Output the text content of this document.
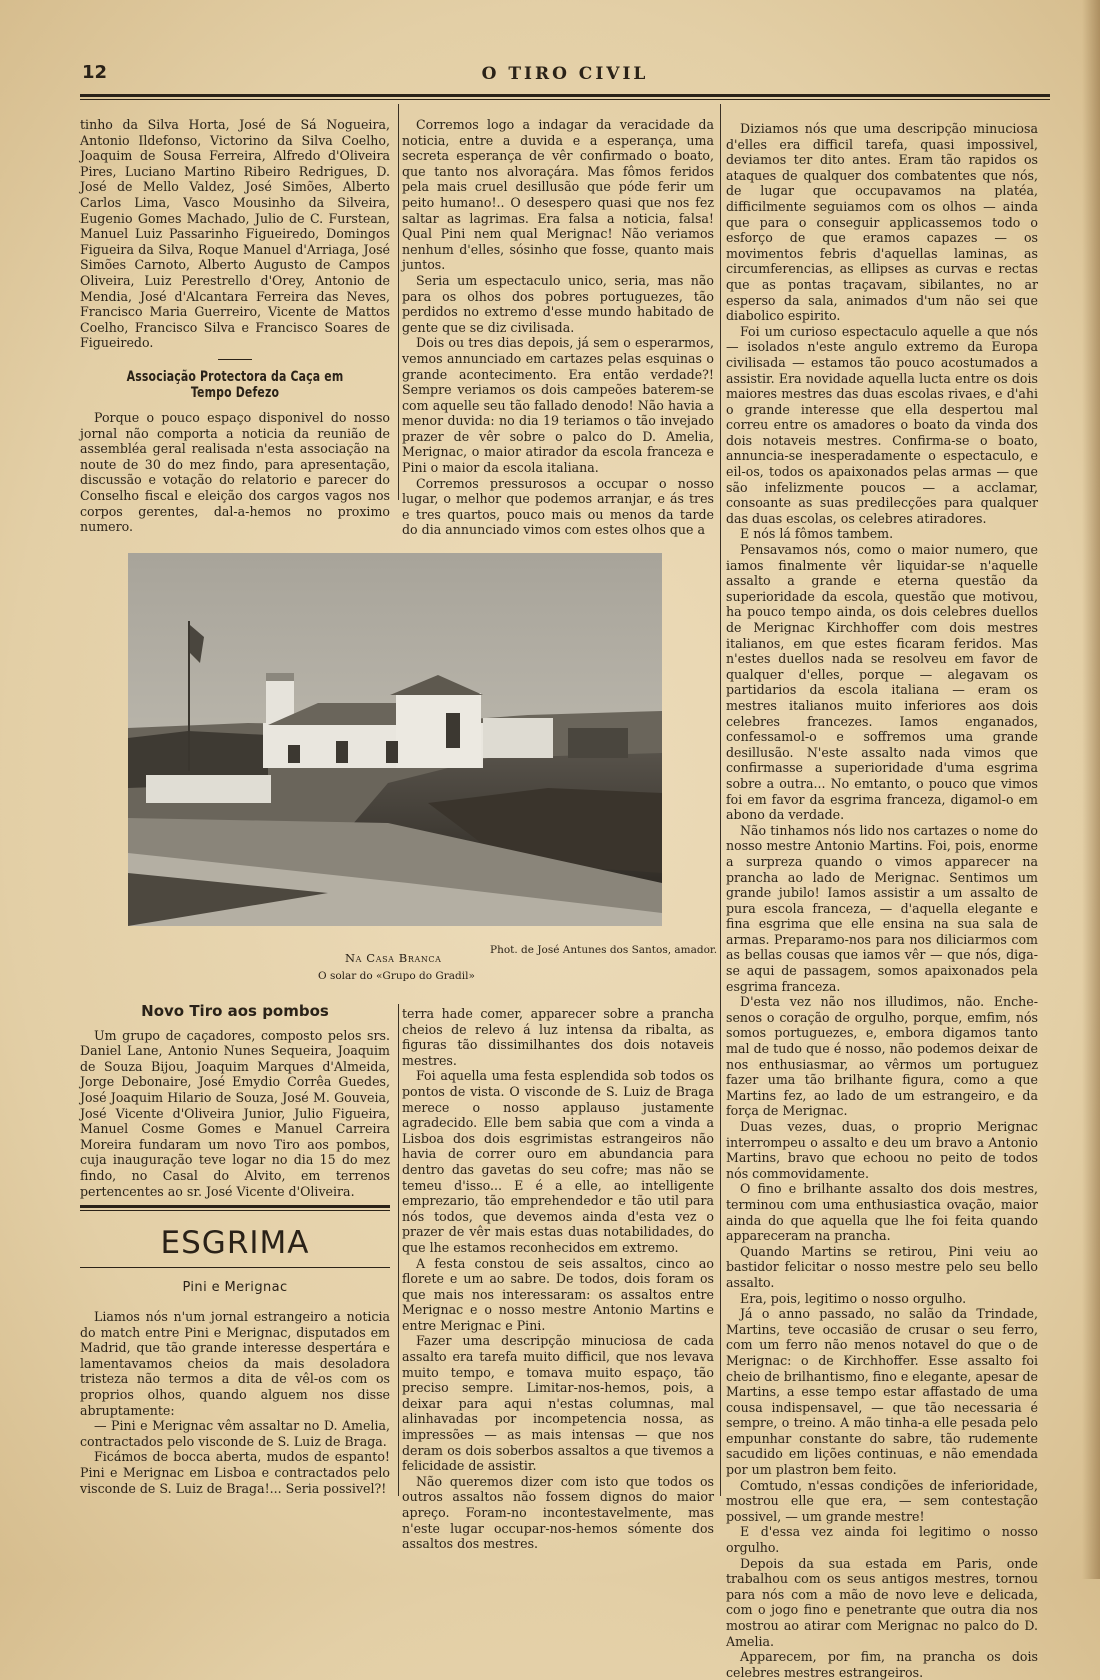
12	O TIRO CIVIL

tinho da Silva Horta, José de Sá Nogueira, Antonio Ildefonso, Victorino da Silva Coelho, Joaquim de Sousa Ferreira, Alfredo d'Oliveira Pires, Luciano Martino Ribeiro Redrigues, D. José de Mello Valdez, José Simões, Alberto Carlos Lima, Vasco Mousinho da Silveira, Eugenio Gomes Machado, Julio de C. Furstean, Manuel Luiz Passarinho Figueiredo, Domingos Figueira da Silva, Roque Manuel d'Arriaga, José Simões Carnoto, Alberto Augusto de Campos Oliveira, Luiz Perestrello d'Orey, Antonio de Mendia, José d'Alcantara Ferreira das Neves, Francisco Maria Guerreiro, Vicente de Mattos Coelho, Francisco Silva e Francisco Soares de Figueiredo.

Associação Protectora da Caça em Tempo Defezo

Porque o pouco espaço disponivel do nosso jornal não comporta a noticia da reunião de assembléa geral realisada n'esta associação na noute de 30 do mez findo, para apresentação, discussão e votação do relatorio e parecer do Conselho fiscal e eleição dos cargos vagos nos corpos gerentes, dal-a-hemos no proximo numero.

Corremos logo a indagar da veracidade da noticia, entre a duvida e a esperança, uma secreta esperança de vêr confirmado o boato, que tanto nos alvoraçára. Mas fômos feridos pela mais cruel desillusão que póde ferir um peito humano!.. O desespero quasi que nos fez saltar as lagrimas. Era falsa a noticia, falsa! Qual Pini nem qual Merignac! Não veriamos nenhum d'elles, sósinho que fosse, quanto mais juntos.

Seria um espectaculo unico, seria, mas não para os olhos dos pobres portuguezes, tão perdidos no extremo d'esse mundo habitado de gente que se diz civilisada.

Dois ou tres dias depois, já sem o esperarmos, vemos annunciado em cartazes pelas esquinas o grande acontecimento. Era então verdade?! Sempre veriamos os dois campeões baterem-se com aquelle seu tão fallado denodo! Não havia a menor duvida: no dia 19 teriamos o tão invejado prazer de vêr sobre o palco do D. Amelia, Merignac, o maior atirador da escola franceza e Pini o maior da escola italiana.

Corremos pressurosos a occupar o nosso lugar, o melhor que podemos arranjar, e ás tres e tres quartos, pouco mais ou menos da tarde do dia annunciado vimos com estes olhos que a

Phot. de José Antunes dos Santos, amador.
Na Casa Branca
O solar do «Grupo do Gradil»
Novo Tiro aos pombos

Um grupo de caçadores, composto pelos srs. Daniel Lane, Antonio Nunes Sequeira, Joaquim de Souza Bijou, Joaquim Marques d'Almeida, Jorge Debonaire, José Emydio Corrêa Guedes, José Joaquim Hilario de Souza, José M. Gouveia, José Vicente d'Oliveira Junior, Julio Figueira, Manuel Cosme Gomes e Manuel Carreira Moreira fundaram um novo Tiro aos pombos, cuja inauguração teve logar no dia 15 do mez findo, no Casal do Alvito, em terrenos pertencentes ao sr. José Vicente d'Oliveira.

ESGRIMA
Pini e Merignac

Liamos nós n'um jornal estrangeiro a noticia do match entre Pini e Merignac, disputados em Madrid, que tão grande interesse despertára e lamentavamos cheios da mais desoladora tristeza não termos a dita de vêl-os com os proprios olhos, quando alguem nos disse abruptamente:

— Pini e Merignac vêm assaltar no D. Amelia, contractados pelo visconde de S. Luiz de Braga.

Ficámos de bocca aberta, mudos de espanto! Pini e Merignac em Lisboa e contractados pelo visconde de S. Luiz de Braga!... Seria possivel?!

terra hade comer, apparecer sobre a prancha cheios de relevo á luz intensa da ribalta, as figuras tão dissimilhantes dos dois notaveis mestres.

Foi aquella uma festa esplendida sob todos os pontos de vista. O visconde de S. Luiz de Braga merece o nosso applauso justamente agradecido. Elle bem sabia que com a vinda a Lisboa dos dois esgrimistas estrangeiros não havia de correr ouro em abundancia para dentro das gavetas do seu cofre; mas não se temeu d'isso... E é a elle, ao intelligente emprezario, tão emprehendedor e tão util para nós todos, que devemos ainda d'esta vez o prazer de vêr mais estas duas notabilidades, do que lhe estamos reconhecidos em extremo.

A festa constou de seis assaltos, cinco ao florete e um ao sabre. De todos, dois foram os que mais nos interessaram: os assaltos entre Merignac e o nosso mestre Antonio Martins e entre Merignac e Pini.

Fazer uma descripção minuciosa de cada assalto era tarefa muito difficil, que nos levava muito tempo, e tomava muito espaço, tão preciso sempre. Limitar-nos-hemos, pois, a deixar para aqui n'estas columnas, mal alinhavadas por incompetencia nossa, as impressões — as mais intensas — que nos deram os dois soberbos assaltos a que tivemos a felicidade de assistir.

Não queremos dizer com isto que todos os outros assaltos não fossem dignos do maior apreço. Foram-no incontestavelmente, mas n'este lugar occupar-nos-hemos sómente dos assaltos dos mestres.

Diziamos nós que uma descripção minuciosa d'elles era difficil tarefa, quasi impossivel, deviamos ter dito antes. Eram tão rapidos os ataques de qualquer dos combatentes que nós, de lugar que occupavamos na platéa, difficilmente seguiamos com os olhos — ainda que para o conseguir applicassemos todo o esforço de que eramos capazes — os movimentos febris d'aquellas laminas, as circumferencias, as ellipses as curvas e rectas que as pontas traçavam, sibilantes, no ar esperso da sala, animados d'um não sei que diabolico espirito.

Foi um curioso espectaculo aquelle a que nós — isolados n'este angulo extremo da Europa civilisada — estamos tão pouco acostumados a assistir. Era novidade aquella lucta entre os dois maiores mestres das duas escolas rivaes, e d'ahi o grande interesse que ella despertou mal correu entre os amadores o boato da vinda dos dois notaveis mestres. Confirma-se o boato, annuncia-se inesperadamente o espectaculo, e eil-os, todos os apaixonados pelas armas — que são infelizmente poucos — a acclamar, consoante as suas predilecções para qualquer das duas escolas, os celebres atiradores.

E nós lá fômos tambem.

Pensavamos nós, como o maior numero, que iamos finalmente vêr liquidar-se n'aquelle assalto a grande e eterna questão da superioridade da escola, questão que motivou, ha pouco tempo ainda, os dois celebres duellos de Merignac Kirchhoffer com dois mestres italianos, em que estes ficaram feridos. Mas n'estes duellos nada se resolveu em favor de qualquer d'elles, porque — alegavam os partidarios da escola italiana — eram os mestres italianos muito inferiores aos dois celebres francezes. Iamos enganados, confessamol-o e soffremos uma grande desillusão. N'este assalto nada vimos que confirmasse a superioridade d'uma esgrima sobre a outra... No emtanto, o pouco que vimos foi em favor da esgrima franceza, digamol-o em abono da verdade.

Não tinhamos nós lido nos cartazes o nome do nosso mestre Antonio Martins. Foi, pois, enorme a surpreza quando o vimos apparecer na prancha ao lado de Merignac. Sentimos um grande jubilo! Iamos assistir a um assalto de pura escola franceza, — d'aquella elegante e fina esgrima que elle ensina na sua sala de armas. Preparamo-nos para nos diliciarmos com as bellas cousas que iamos vêr — que nós, diga-se aqui de passagem, somos apaixonados pela esgrima franceza.

D'esta vez não nos illudimos, não. Enche-senos o coração de orgulho, porque, emfim, nós somos portuguezes, e, embora digamos tanto mal de tudo que é nosso, não podemos deixar de nos enthusiasmar, ao vêrmos um portuguez fazer uma tão brilhante figura, como a que Martins fez, ao lado de um estrangeiro, e da força de Merignac.

Duas vezes, duas, o proprio Merignac interrompeu o assalto e deu um bravo a Antonio Martins, bravo que echoou no peito de todos nós commovidamente.

O fino e brilhante assalto dos dois mestres, terminou com uma enthusiastica ovação, maior ainda do que aquella que lhe foi feita quando appareceram na prancha.

Quando Martins se retirou, Pini veiu ao bastidor felicitar o nosso mestre pelo seu bello assalto.

Era, pois, legitimo o nosso orgulho.

Já o anno passado, no salão da Trindade, Martins, teve occasião de crusar o seu ferro, com um ferro não menos notavel do que o de Merignac: o de Kirchhoffer. Esse assalto foi cheio de brilhantismo, fino e elegante, apesar de Martins, a esse tempo estar affastado de uma cousa indispensavel, — que tão necessaria é sempre, o treino. A mão tinha-a elle pesada pelo empunhar constante do sabre, tão rudemente sacudido em lições continuas, e não emendada por um plastron bem feito.

Comtudo, n'essas condições de inferioridade, mostrou elle que era, — sem contestação possivel, — um grande mestre!

E d'essa vez ainda foi legitimo o nosso orgulho.

Depois da sua estada em Paris, onde trabalhou com os seus antigos mestres, tornou para nós com a mão de novo leve e delicada, com o jogo fino e penetrante que outra dia nos mostrou ao atirar com Merignac no palco do D. Amelia.

Apparecem, por fim, na prancha os dois celebres mestres estrangeiros.
